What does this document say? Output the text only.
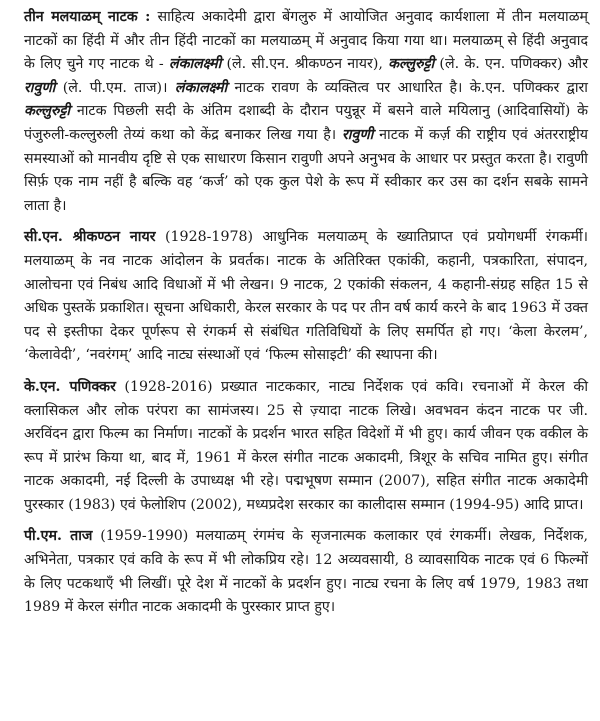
तीन मलयाळम् नाटक : साहित्य अकादेमी द्वारा बेंगलुरु में आयोजित अनुवाद कार्यशाला में तीन मलयाळम् नाटकों का हिंदी में और तीन हिंदी नाटकों का मलयाळम् में अनुवाद किया गया था। मलयाळम् से हिंदी अनुवाद के लिए चुने गए नाटक थे - लंकालक्ष्मी (ले. सी.एन. श्रीकण्ठन नायर), कल्लुरुट्टी (ले. के. एन. पणिक्कर) और रावुणी (ले. पी.एम. ताज)। लंकालक्ष्मी नाटक रावण के व्यक्तित्व पर आधारित है। के.एन. पणिक्कर द्वारा कल्लुरुट्टी नाटक पिछली सदी के अंतिम दशाब्दी के दौरान पयुन्नूर में बसने वाले मयिलानु (आदिवासियों) के पंजुरुली-कल्लुरुली तेय्यं कथा को केंद्र बनाकर लिख गया है। रावुणी नाटक में कर्ज़ की राष्ट्रीय एवं अंतरराष्ट्रीय समस्याओं को मानवीय दृष्टि से एक साधारण किसान रावुणी अपने अनुभव के आधार पर प्रस्तुत करता है। रावुणी सिर्फ़ एक नाम नहीं है बल्कि वह ‘कर्ज’ को एक कुल पेशे के रूप में स्वीकार कर उस का दर्शन सबके सामने लाता है।

सी.एन. श्रीकण्ठन नायर (1928-1978) आधुनिक मलयाळम् के ख्यातिप्राप्त एवं प्रयोगधर्मी रंगकर्मी। मलयाळम् के नव नाटक आंदोलन के प्रवर्तक। नाटक के अतिरिक्त एकांकी, कहानी, पत्रकारिता, संपादन, आलोचना एवं निबंध आदि विधाओं में भी लेखन। 9 नाटक, 2 एकांकी संकलन, 4 कहानी-संग्रह सहित 15 से अधिक पुस्तकें प्रकाशित। सूचना अधिकारी, केरल सरकार के पद पर तीन वर्ष कार्य करने के बाद 1963 में उक्त पद से इस्तीफा देकर पूर्णरूप से रंगकर्म से संबंधित गतिविधियों के लिए समर्पित हो गए। ‘केला केरलम’, ‘केलावेदी’, ‘नवरंगम्’ आदि नाट्य संस्थाओं एवं ‘फिल्म सोसाइटी’ की स्थापना की।

के.एन. पणिक्कर (1928-2016) प्रख्यात नाटककार, नाट्य निर्देशक एवं कवि। रचनाओं में केरल की क्लासिकल और लोक परंपरा का सामंजस्य। 25 से ज़्यादा नाटक लिखे। अवभवन कंदन नाटक पर जी. अरविंदन द्वारा फिल्म का निर्माण। नाटकों के प्रदर्शन भारत सहित विदेशों में भी हुए। कार्य जीवन एक वकील के रूप में प्रारंभ किया था, बाद में, 1961 में केरल संगीत नाटक अकादमी, त्रिशूर के सचिव नामित हुए। संगीत नाटक अकादमी, नई दिल्ली के उपाध्यक्ष भी रहे। पद्मभूषण सम्मान (2007), सहित संगीत नाटक अकादेमी पुरस्कार (1983) एवं फेलोशिप (2002), मध्यप्रदेश सरकार का कालीदास सम्मान (1994-95) आदि प्राप्त।

पी.एम. ताज (1959-1990) मलयाळम् रंगमंच के सृजनात्मक कलाकार एवं रंगकर्मी। लेखक, निर्देशक, अभिनेता, पत्रकार एवं कवि के रूप में भी लोकप्रिय रहे। 12 अव्यवसायी, 8 व्यावसायिक नाटक एवं 6 फिल्मों के लिए पटकथाएँ भी लिखीं। पूरे देश में नाटकों के प्रदर्शन हुए। नाट्य रचना के लिए वर्ष 1979, 1983 तथा 1989 में केरल संगीत नाटक अकादमी के पुरस्कार प्राप्त हुए।
